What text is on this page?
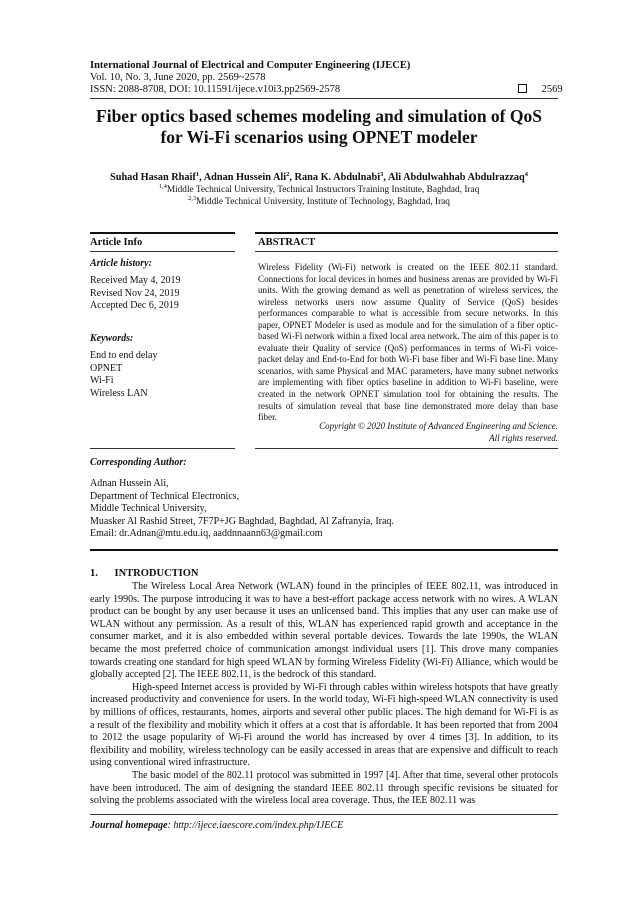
International Journal of Electrical and Computer Engineering (IJECE)
Vol. 10, No. 3, June 2020, pp. 2569~2578
ISSN: 2088-8708, DOI: 10.11591/ijece.v10i3.pp2569-2578	2569
Fiber optics based schemes modeling and simulation of QoS
for Wi-Fi scenarios using OPNET modeler
Suhad Hasan Rhaif$^1$, Adnan Hussein Ali$^2$, Rana K. Abdulnabi$^3$, Ali Abdulwahhab Abdulrazzaq$^4$
$^{1,4}$Middle Technical University, Technical Instructors Training Institute, Baghdad, Iraq
$^{2,3}$Middle Technical University, Institute of Technology, Baghdad, Iraq
Article Info	ABSTRACT
Article history:
Received May 4, 2019
Revised Nov 24, 2019
Accepted Dec 6, 2019
Keywords:
End to end delay
OPNET
Wi-Fi
Wireless LAN
Wireless Fidelity (Wi-Fi) network is created on the IEEE 802.11 standard. Connections for local devices in homes and business arenas are provided by Wi-Fi units. With the growing demand as well as penetration of wireless services, the wireless networks users now assume Quality of Service (QoS) besides performances comparable to what is accessible from secure networks. In this paper, OPNET Modeler is used as module and for the simulation of a fiber optic-based Wi-Fi network within a fixed local area network. The aim of this paper is to evaluate their Quality of service (QoS) performances in terms of Wi-Fi voice-packet delay and End-to-End for both Wi-Fi base fiber and Wi-Fi base line. Many scenarios, with same Physical and MAC parameters, have many subnet networks are implementing with fiber optics baseline in addition to Wi-Fi baseline, were created in the network OPNET simulation tool for obtaining the results. The results of simulation reveal that base line demonstrated more delay than base fiber.
Copyright © 2020 Institute of Advanced Engineering and Science.
All rights reserved.
Corresponding Author:
Adnan Hussein Ali,
Department of Technical Electronics,
Middle Technical University,
Muasker Al Rashid Street, 7F7P+JG Baghdad, Baghdad, Al Zafranyia, Iraq.
Email: dr.Adnan@mtu.edu.iq, aaddnnaann63@gmail.com
1. INTRODUCTION

The Wireless Local Area Network (WLAN) found in the principles of IEEE 802.11, was introduced in early 1990s. The purpose introducing it was to have a best-effort package access network with no wires. A WLAN product can be bought by any user because it uses an unlicensed band. This implies that any user can make use of WLAN without any permission. As a result of this, WLAN has experienced rapid growth and acceptance in the consumer market, and it is also embedded within several portable devices. Towards the late 1990s, the WLAN became the most preferred choice of communication amongst individual users [1]. This drove many companies towards creating one standard for high speed WLAN by forming Wireless Fidelity (Wi-Fi) Alliance, which would be globally accepted [2]. The IEEE 802.11, is the bedrock of this standard.

High-speed Internet access is provided by Wi-Fi through cables within wireless hotspots that have greatly increased productivity and convenience for users. In the world today, Wi-Fi high-speed WLAN connectivity is used by millions of offices, restaurants, homes, airports and several other public places. The high demand for Wi-Fi is as a result of the flexibility and mobility which it offers at a cost that is affordable. It has been reported that from 2004 to 2012 the usage popularity of Wi-Fi around the world has increased by over 4 times [3]. In addition, to its flexibility and mobility, wireless technology can be easily accessed in areas that are expensive and difficult to reach using conventional wired infrastructure.

The basic model of the 802.11 protocol was submitted in 1997 [4]. After that time, several other protocols have been introduced. The aim of designing the standard IEEE 802.11 through specific revisions be situated for solving the problems associated with the wireless local area coverage. Thus, the IEE 802.11 was

Journal homepage: http://ijece.iaescore.com/index.php/IJECE
